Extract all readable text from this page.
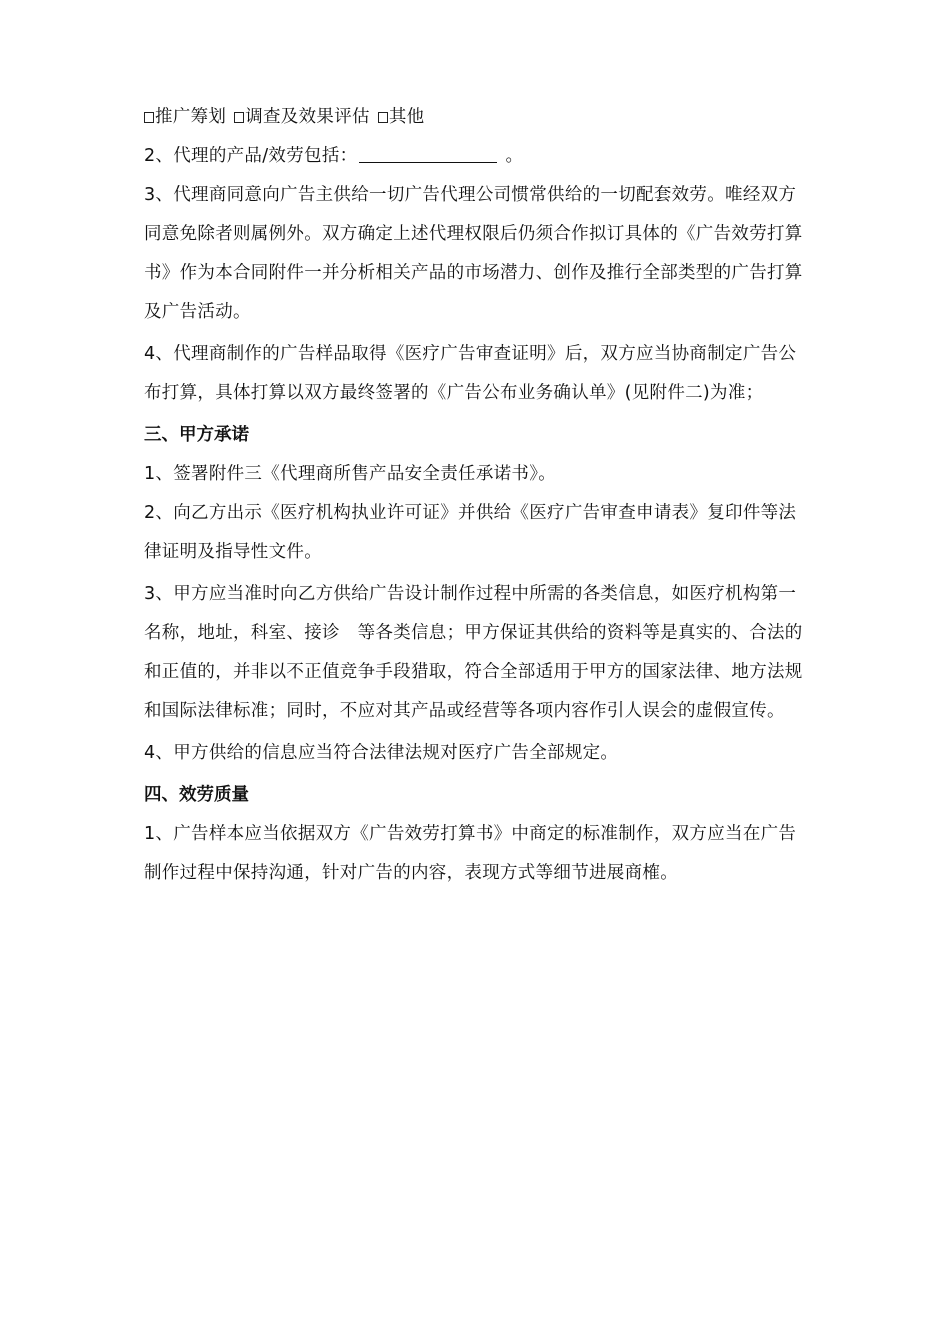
推广筹划 调查及效果评估 其他

2、代理的产品/效劳包括：	。

3、代理商同意向广告主供给一切广告代理公司惯常供给的一切配套效劳。唯经双方同意免除者则属例外。双方确定上述代理权限后仍须合作拟订具体的《广告效劳打算书》作为本合同附件一并分析相关产品的市场潜力、创作及推行全部类型的广告打算及广告活动。

4、代理商制作的广告样品取得《医疗广告审查证明》后，双方应当协商制定广告公布打算，具体打算以双方最终签署的《广告公布业务确认单》(见附件二)为准；

三、甲方承诺

1、签署附件三《代理商所售产品安全责任承诺书》。

2、向乙方出示《医疗机构执业许可证》并供给《医疗广告审查申请表》复印件等法律证明及指导性文件。

3、甲方应当准时向乙方供给广告设计制作过程中所需的各类信息，如医疗机构第一名称，地址，科室、接诊　等各类信息；甲方保证其供给的资料等是真实的、合法的和正值的，并非以不正值竞争手段猎取，符合全部适用于甲方的国家法律、地方法规和国际法律标准；同时，不应对其产品或经营等各项内容作引人误会的虚假宣传。

4、甲方供给的信息应当符合法律法规对医疗广告全部规定。

四、效劳质量

1、广告样本应当依据双方《广告效劳打算书》中商定的标准制作，双方应当在广告制作过程中保持沟通，针对广告的内容，表现方式等细节进展商榷。
